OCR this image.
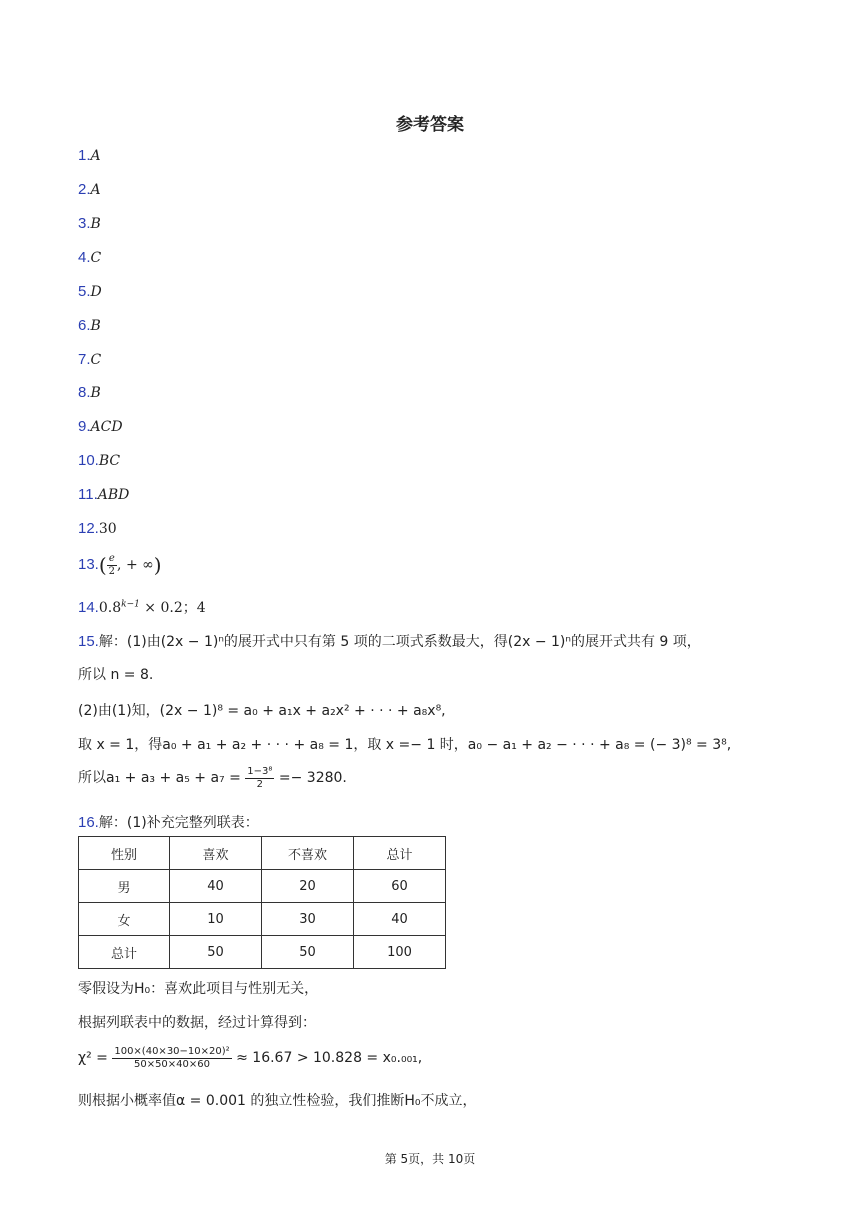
参考答案
1.A
2.A
3.B
4.C
5.D
6.B
7.C
8.B
9.ACD
10.BC
11.ABD
12.30
$13.( \frac{e}{2}$ , + ∞)
$14.0.8^{k-1} \times 0.2$；4
15.解：(1)由(2x − 1)ⁿ的展开式中只有第 5 项的二项式系数最大，得(2x − 1)ⁿ的展开式共有 9 项，
所以 n = 8.
(2)由(1)知，(2x − 1)⁸ = a₀ + a₁x + a₂x² + · · · + a₈x⁸,
取 x = 1，得a₀ + a₁ + a₂ + · · · + a₈ = 1，取 x =− 1 时，a₀ − a₁ + a₂ − · · · + a₈ = (− 3)⁸ = 3⁸,
所以$a_1 + a_3 + a_5 + a_7 = \frac{\text{1−3⁸}}{2} =- 3280$.
16.解：(1)补充完整列联表：
性别	喜欢	不喜欢	总计
男	40	20	60
女	10	30	40
总计	50	50	100
零假设为H₀：喜欢此项目与性别无关，
根据列联表中的数据，经过计算得到：
$\chi^2 = \frac{\text{100×(40×30−10×20)²}}{50\times 50\times 40\times 60} \approx 16.67 > 10.828 = x_0._{001}$,
则根据小概率值α = 0.001 的独立性检验，我们推断H₀不成立，
第 5页，共 10页
